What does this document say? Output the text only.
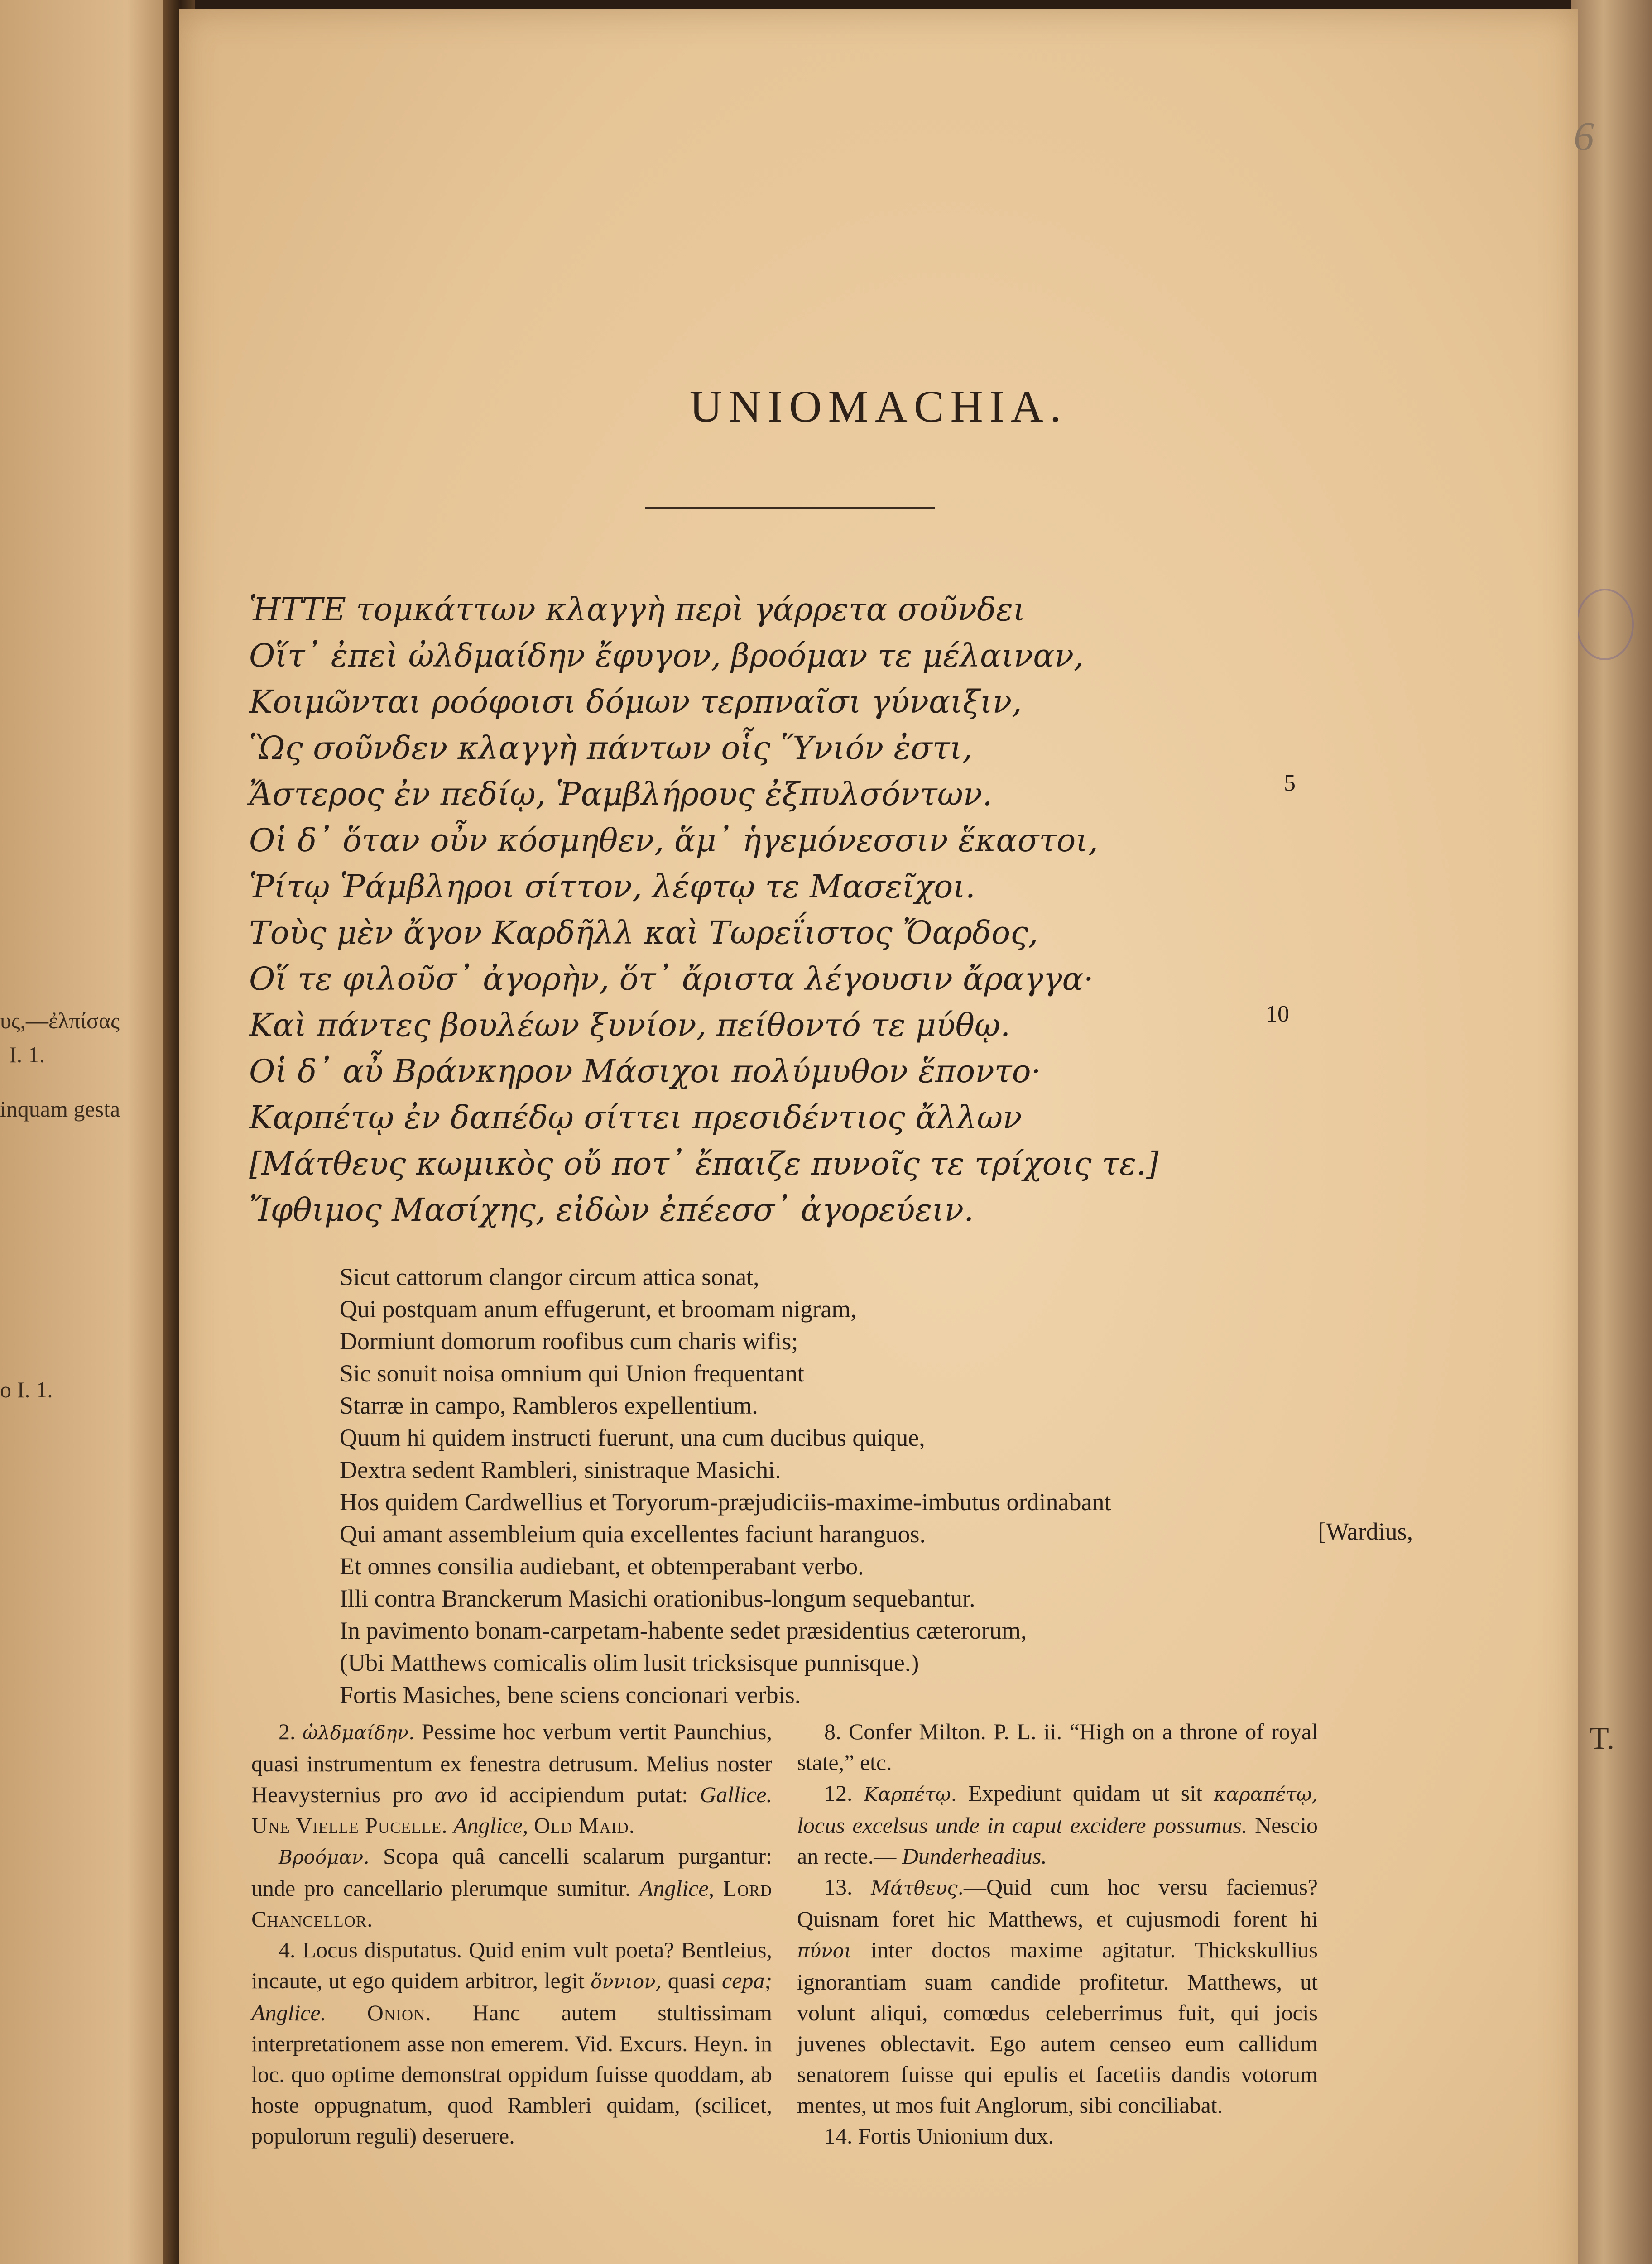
υς,—ἐλπίσας
I. 1.
inquam gesta
o I. 1.
T.
6
UNIOMACHIA.
ἩΤΤΕ τομκάττων κλαγγὴ περὶ γάρρετα σοῦνδει
Οἵτ᾽ ἐπεὶ ὠλδμαίδην ἔφυγον, βροόμαν τε μέλαιναν,
Κοιμῶνται ροόφοισι δόμων τερπναῖσι γύναιξιν,
Ὣς σοῦνδεν κλαγγὴ πάντων οἷς Ὕνιόν ἐστι,
Ἄστερος ἐν πεδίῳ, Ῥαμβλήρους ἐξπυλσόντων.
Οἱ δ᾽ ὅταν οὖν κόσμηθεν, ἅμ᾽ ἡγεμόνεσσιν ἕκαστοι,
Ῥίτῳ Ῥάμβληροι σίττον, λέφτῳ τε Μασεῖχοι.
Τοὺς μὲν ἄγον Καρδῆλλ καὶ Τωρεΐιστος Ὄαρδος,
Οἵ τε φιλοῦσ᾽ ἀγορὴν, ὅτ᾽ ἄριστα λέγουσιν ἄραγγα·
Καὶ πάντες βουλέων ξυνίον, πείθοντό τε μύθῳ.
Οἱ δ᾽ αὖ Βράνκηρον Μάσιχοι πολύμυθον ἕποντο·
Καρπέτῳ ἐν δαπέδῳ σίττει πρεσιδέντιος ἄλλων
[Μάτθευς κωμικὸς οὔ ποτ᾽ ἔπαιζε πυνοῖς τε τρίχοις τε.]
Ἴφθιμος Μασίχης, εἰδὼν ἐπέεσσ᾽ ἀγορεύειν.
5
10
Sicut cattorum clangor circum attica sonat,
Qui postquam anum effugerunt, et broomam nigram,
Dormiunt domorum roofibus cum charis wifis;
Sic sonuit noisa omnium qui Union frequentant
Starræ in campo, Rambleros expellentium.
Quum hi quidem instructi fuerunt, una cum ducibus quique,
Dextra sedent Rambleri, sinistraque Masichi.
Hos quidem Cardwellius et Toryorum-præjudiciis-maxime-imbutus ordinabant
Qui amant assembleium quia excellentes faciunt haranguos.
Et omnes consilia audiebant, et obtemperabant verbo.
Illi contra Branckerum Masichi orationibus-longum sequebantur.
In pavimento bonam-carpetam-habente sedet præsidentius cæterorum,
(Ubi Matthews comicalis olim lusit tricksisque punnisque.)
Fortis Masiches, bene sciens concionari verbis.
[Wardius,

2. ὠλδμαίδην. Pessime hoc verbum vertit Paunchius, quasi instrumentum ex fenestra detrusum. Melius noster Heavysternius pro ανο id accipiendum putat: Gallice. Une Vielle Pucelle. Anglice, Old Maid.

Βροόμαν. Scopa quâ cancelli scalarum purgantur: unde pro cancellario plerumque sumitur. Anglice, Lord Chancellor.

4. Locus disputatus. Quid enim vult poeta? Bentleius, incaute, ut ego quidem arbitror, legit ὄννιον, quasi cepa; Anglice. Onion. Hanc autem stultissimam interpretationem asse non emerem. Vid. Excurs. Heyn. in loc. quo optime demonstrat oppidum fuisse quoddam, ab hoste oppugnatum, quod Rambleri quidam, (scilicet, populorum reguli) deseruere.

8. Confer Milton. P. L. ii. “High on a throne of royal state,” etc.

12. Καρπέτῳ. Expediunt quidam ut sit καραπέτῳ, locus excelsus unde in caput excidere possumus. Nescio an recte.— Dunderheadius.

13. Μάτθευς.—Quid cum hoc versu faciemus? Quisnam foret hic Matthews, et cujusmodi forent hi πύνοι inter doctos maxime agitatur. Thickskullius ignorantiam suam candide profitetur. Matthews, ut volunt aliqui, comœdus celeberrimus fuit, qui jocis juvenes oblectavit. Ego autem censeo eum callidum senatorem fuisse qui epulis et facetiis dandis votorum mentes, ut mos fuit Anglorum, sibi conciliabat.

14. Fortis Unionium dux.
